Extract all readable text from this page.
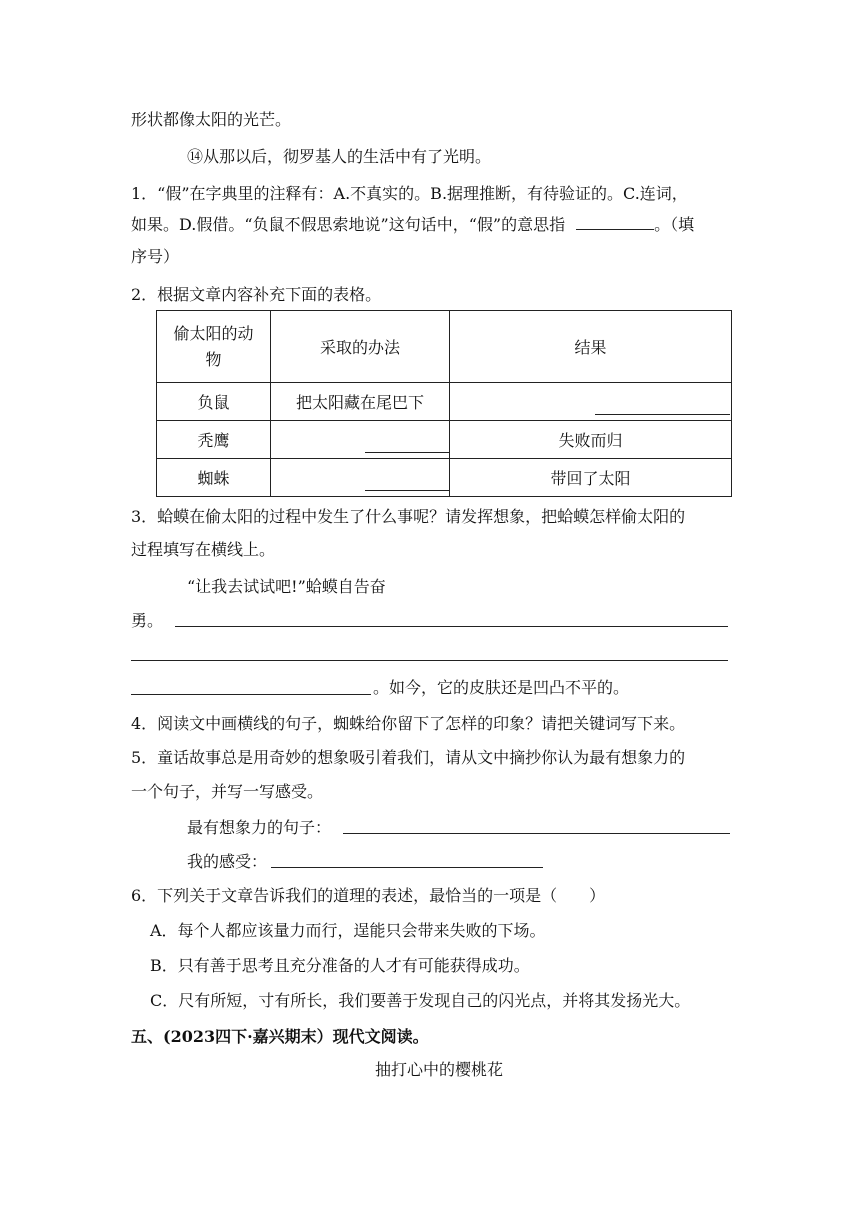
形状都像太阳的光芒。
⑭从那以后，彻罗基人的生活中有了光明。
1．“假”在字典里的注释有：A.不真实的。B.据理推断，有待验证的。C.连词，
如果。D.假借。“负鼠不假思索地说”这句话中，“假”的意思指	。（填
序号）
2．根据文章内容补充下面的表格。
偷太阳的动
物	采取的办法	结果
负鼠	把太阳藏在尾巴下	

秃鹰		失败而归
蜘蛛		带回了太阳
3．蛤蟆在偷太阳的过程中发生了什么事呢？请发挥想象，把蛤蟆怎样偷太阳的
过程填写在横线上。
“让我去试试吧!”蛤蟆自告奋
勇。
。如今，它的皮肤还是凹凸不平的。
4．阅读文中画横线的句子，蜘蛛给你留下了怎样的印象？请把关键词写下来。
5．童话故事总是用奇妙的想象吸引着我们，请从文中摘抄你认为最有想象力的
一个句子，并写一写感受。
最有想象力的句子：
我的感受：
6．下列关于文章告诉我们的道理的表述，最恰当的一项是（　　）
A．每个人都应该量力而行，逞能只会带来失败的下场。
B．只有善于思考且充分准备的人才有可能获得成功。
C．尺有所短，寸有所长，我们要善于发现自己的闪光点，并将其发扬光大。
五、(2023四下·嘉兴期末）现代文阅读。
抽打心中的樱桃花
